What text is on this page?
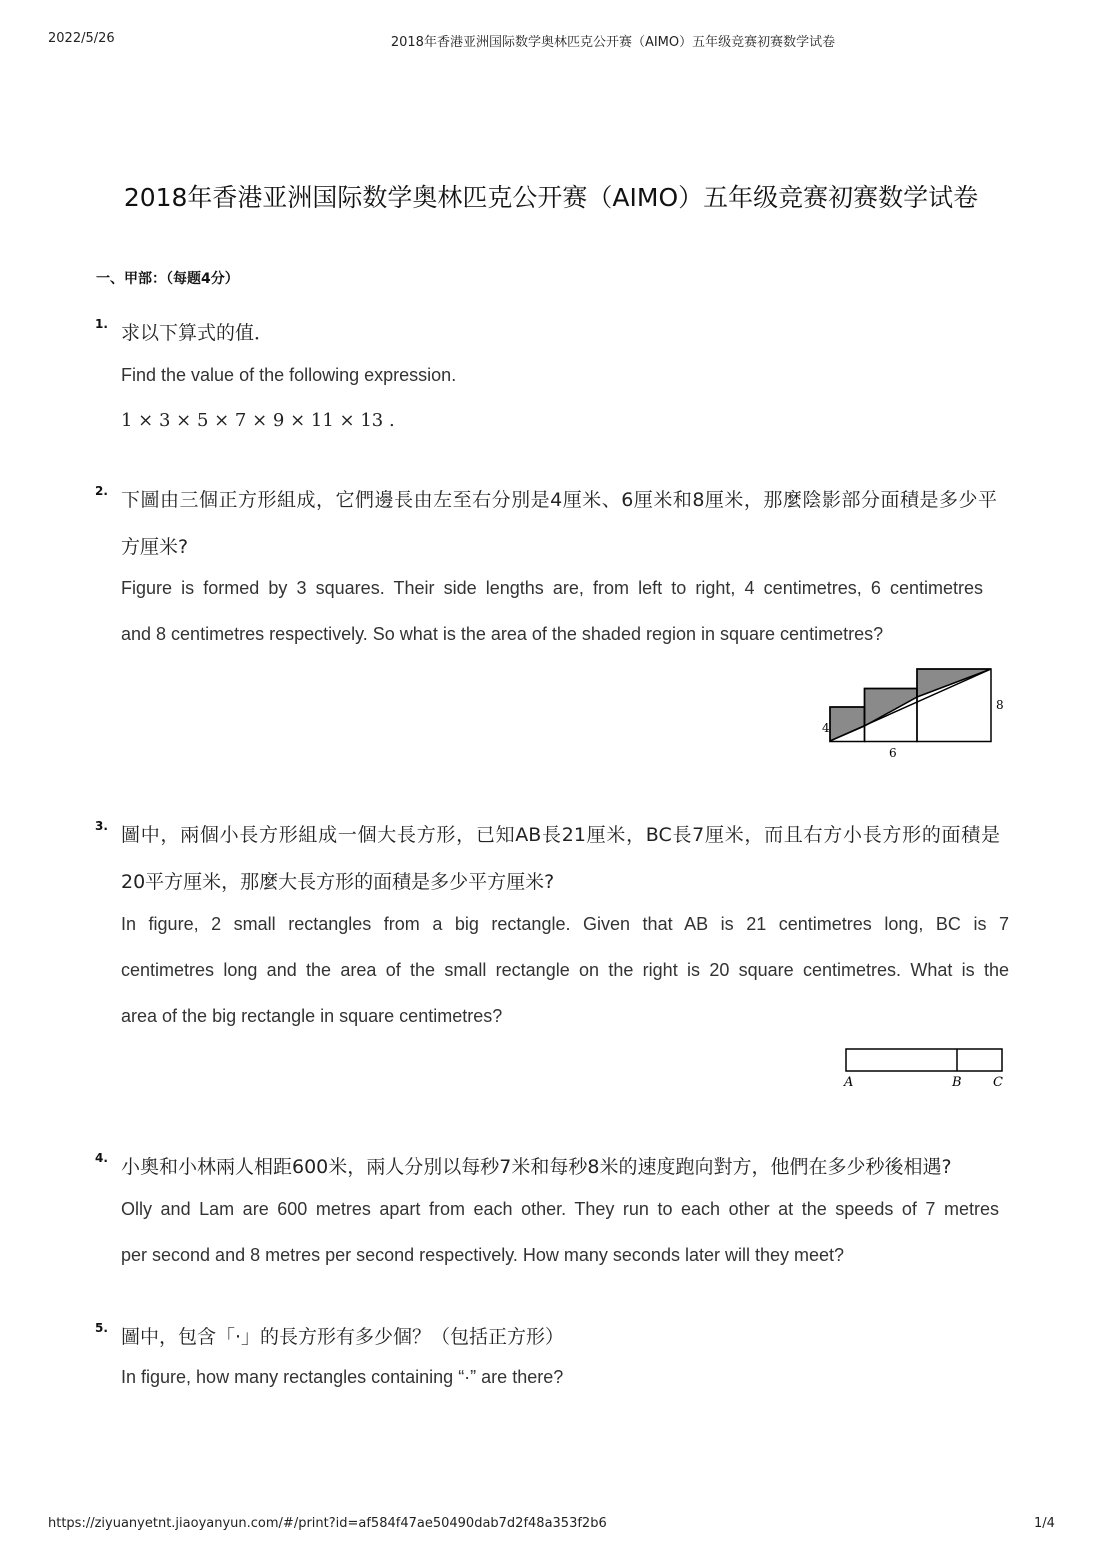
2022/5/26	2018年香港亚洲国际数学奥林匹克公开赛（AIMO）五年级竞赛初赛数学试卷
2018年香港亚洲国际数学奥林匹克公开赛（AIMO）五年级竞赛初赛数学试卷
一、甲部：（每题4分）
1. 求以下算式的值．
Find the value of the following expression.
1 × 3 × 5 × 7 × 9 × 11 × 13 .
2. 下圖由三個正方形組成，它們邊長由左至右分別是4厘米、6厘米和8厘米，那麼陰影部分面積是多少平
方厘米?
Figure is formed by 3 squares. Their side lengths are, from left to right, 4 centimetres, 6 centimetres
and 8 centimetres respectively. So what is the area of the shaded region in square centimetres?
4
6
8
3. 圖中，兩個小長方形組成一個大長方形，已知AB長21厘米，BC長7厘米，而且右方小長方形的面積是
20平方厘米，那麼大長方形的面積是多少平方厘米?
In figure, 2 small rectangles from a big rectangle. Given that AB is 21 centimetres long, BC is 7
centimetres long and the area of the small rectangle on the right is 20 square centimetres. What is the
area of the big rectangle in square centimetres?
A	B C
4. 小奧和小林兩人相距600米，兩人分別以每秒7米和每秒8米的速度跑向對方，他們在多少秒後相遇?
Olly and Lam are 600 metres apart from each other. They run to each other at the speeds of 7 metres
per second and 8 metres per second respectively. How many seconds later will they meet?
5. 圖中，包含「·」的長方形有多少個？（包括正方形）
In figure, how many rectangles containing “·” are there?
https://ziyuanyetnt.jiaoyanyun.com/#/print?id=af584f47ae50490dab7d2f48a353f2b6	1/4
